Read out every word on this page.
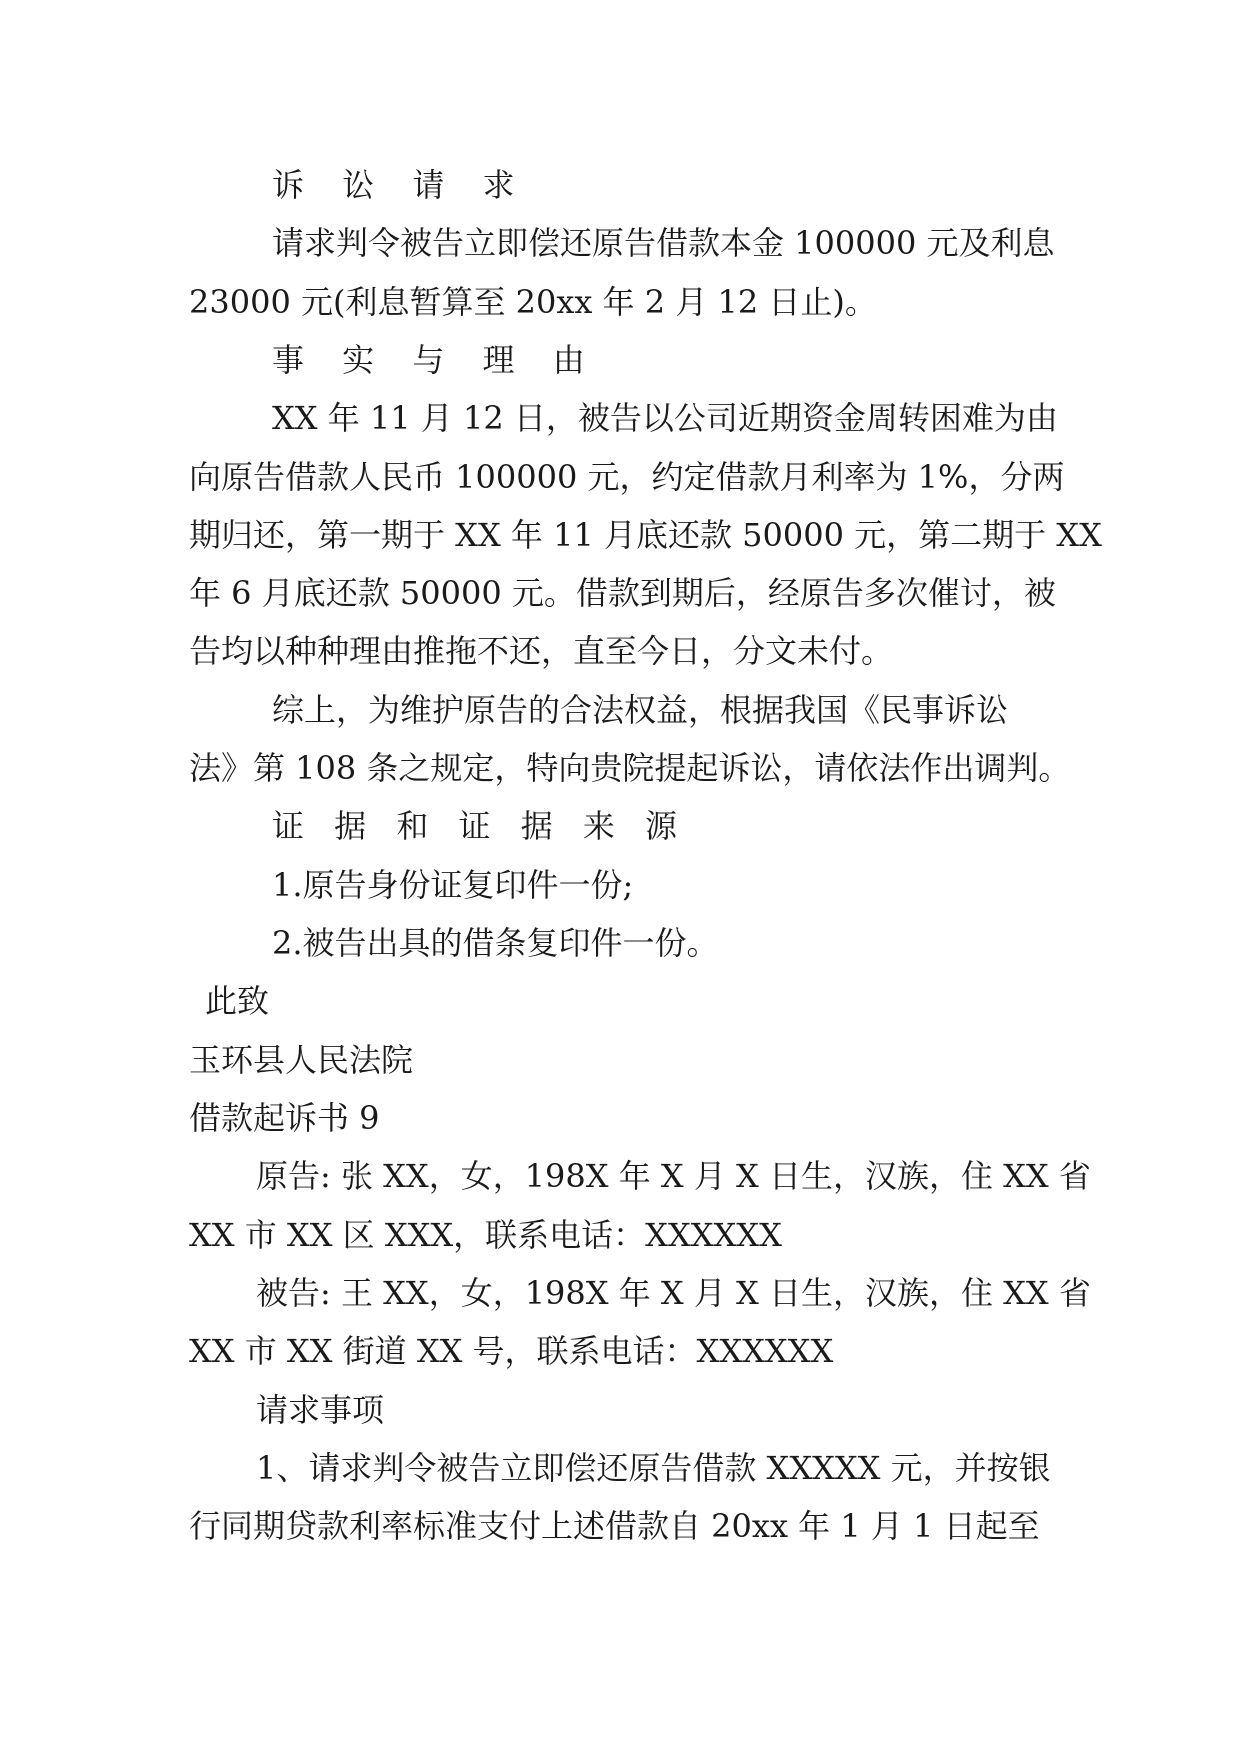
诉 讼 请 求

请求判令被告立即偿还原告借款本金 100000 元及利息

23000 元(利息暂算至 20xx 年 2 月 12 日止)。

事 实 与 理 由

XX 年 11 月 12 日，被告以公司近期资金周转困难为由

向原告借款人民币 100000 元，约定借款月利率为 1%，分两

期归还，第一期于 XX 年 11 月底还款 50000 元，第二期于 XX

年 6 月底还款 50000 元。借款到期后，经原告多次催讨，被

告均以种种理由推拖不还，直至今日，分文未付。

综上，为维护原告的合法权益，根据我国《民事诉讼

法》第 108 条之规定，特向贵院提起诉讼，请依法作出调判。

证 据 和 证 据 来 源

1.原告身份证复印件一份;

2.被告出具的借条复印件一份。

此致

玉环县人民法院

借款起诉书 9

原告: 张 XX，女，198X 年 X 月 X 日生，汉族，住 XX 省

XX 市 XX 区 XXX，联系电话：XXXXXX

被告: 王 XX，女，198X 年 X 月 X 日生，汉族，住 XX 省

XX 市 XX 街道 XX 号，联系电话：XXXXXX

请求事项

1、请求判令被告立即偿还原告借款 XXXXX 元，并按银

行同期贷款利率标准支付上述借款自 20xx 年 1 月 1 日起至
